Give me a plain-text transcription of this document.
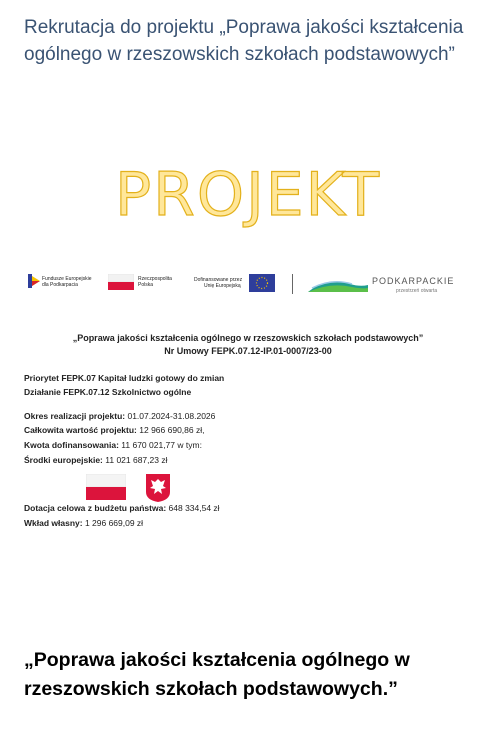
Rekrutacja do projektu „Poprawa jakości kształcenia ogólnego w rzeszowskich szkołach podstawowych”
PROJEKT
Fundusze Europejskie
dla Podkarpacia
Rzeczpospolita
Polska
Dofinansowane przez
Unię Europejską	PODKARPACKIE
przestrzeń otwarta
„Poprawa jakości kształcenia ogólnego w rzeszowskich szkołach podstawowych”
Nr Umowy FEPK.07.12-IP.01-0007/23-00
Priorytet FEPK.07 Kapitał ludzki gotowy do zmian
Działanie FEPK.07.12 Szkolnictwo ogólne
Okres realizacji projektu: 01.07.2024-31.08.2026
Całkowita wartość projektu: 12 966 690,86 zł,
Kwota dofinansowania: 11 670 021,77 w tym:
Środki europejskie: 11 021 687,23 zł
Dotacja celowa z budżetu państwa: 648 334,54 zł
Wkład własny: 1 296 669,09 zł
„Poprawa jakości kształcenia ogólnego w rzeszowskich szkołach podstawowych.”
